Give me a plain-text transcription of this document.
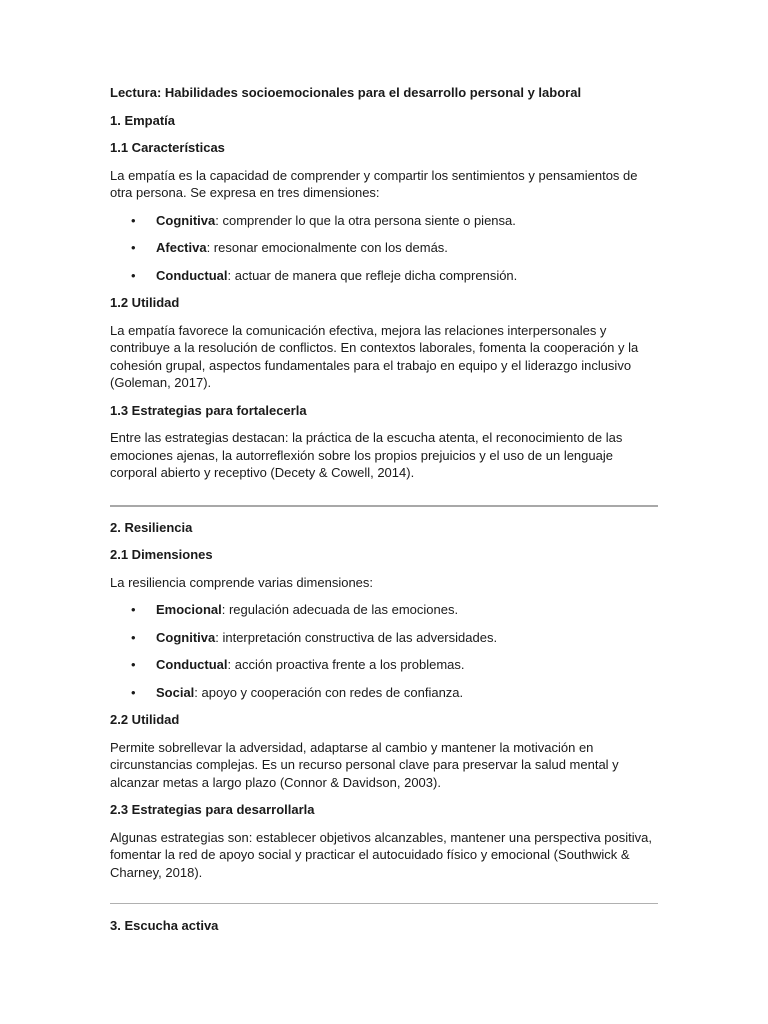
Lectura: Habilidades socioemocionales para el desarrollo personal y laboral

1. Empatía

1.1 Características

La empatía es la capacidad de comprender y compartir los sentimientos y pensamientos de otra persona. Se expresa en tres dimensiones:

• Cognitiva: comprender lo que la otra persona siente o piensa.
• Afectiva: resonar emocionalmente con los demás.
• Conductual: actuar de manera que refleje dicha comprensión.

1.2 Utilidad

La empatía favorece la comunicación efectiva, mejora las relaciones interpersonales y contribuye a la resolución de conflictos. En contextos laborales, fomenta la cooperación y la cohesión grupal, aspectos fundamentales para el trabajo en equipo y el liderazgo inclusivo (Goleman, 2017).

1.3 Estrategias para fortalecerla

Entre las estrategias destacan: la práctica de la escucha atenta, el reconocimiento de las emociones ajenas, la autorreflexión sobre los propios prejuicios y el uso de un lenguaje corporal abierto y receptivo (Decety & Cowell, 2014).

2. Resiliencia

2.1 Dimensiones

La resiliencia comprende varias dimensiones:

• Emocional: regulación adecuada de las emociones.
• Cognitiva: interpretación constructiva de las adversidades.
• Conductual: acción proactiva frente a los problemas.
• Social: apoyo y cooperación con redes de confianza.

2.2 Utilidad

Permite sobrellevar la adversidad, adaptarse al cambio y mantener la motivación en circunstancias complejas. Es un recurso personal clave para preservar la salud mental y alcanzar metas a largo plazo (Connor & Davidson, 2003).

2.3 Estrategias para desarrollarla

Algunas estrategias son: establecer objetivos alcanzables, mantener una perspectiva positiva, fomentar la red de apoyo social y practicar el autocuidado físico y emocional (Southwick & Charney, 2018).

3. Escucha activa
